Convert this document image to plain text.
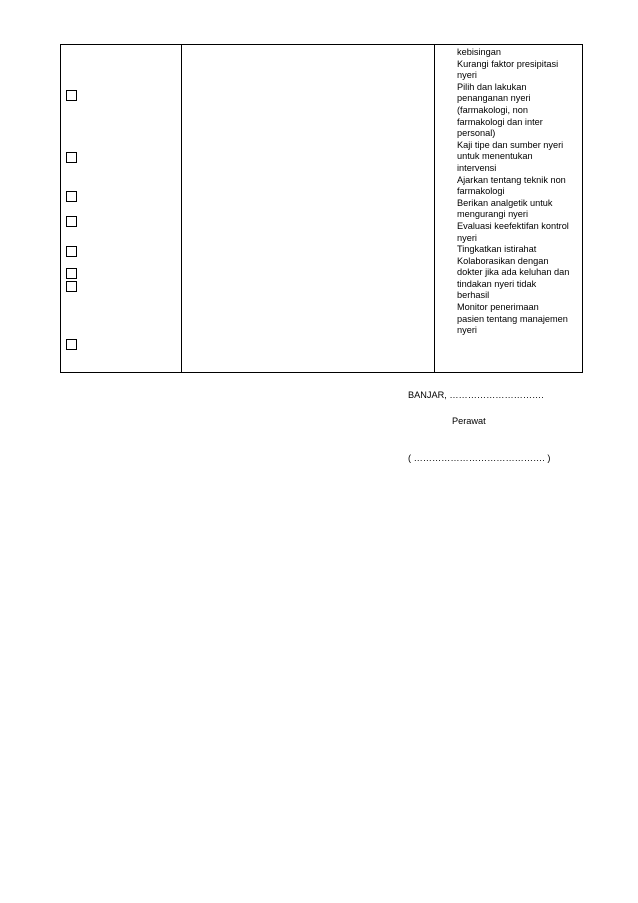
kebisingan
Kurangi faktor presipitasi
nyeri
Pilih dan lakukan
penanganan nyeri
(farmakologi, non
farmakologi dan inter
personal)
Kaji tipe dan sumber nyeri
untuk menentukan
intervensi
Ajarkan tentang teknik non
farmakologi
Berikan analgetik untuk
mengurangi nyeri
Evaluasi keefektifan kontrol
nyeri
Tingkatkan istirahat
Kolaborasikan dengan
dokter jika ada keluhan dan
tindakan nyeri tidak
berhasil
Monitor penerimaan
pasien tentang manajemen
nyeri
BANJAR, ………………………….
Perawat
( ……………………………………. )
